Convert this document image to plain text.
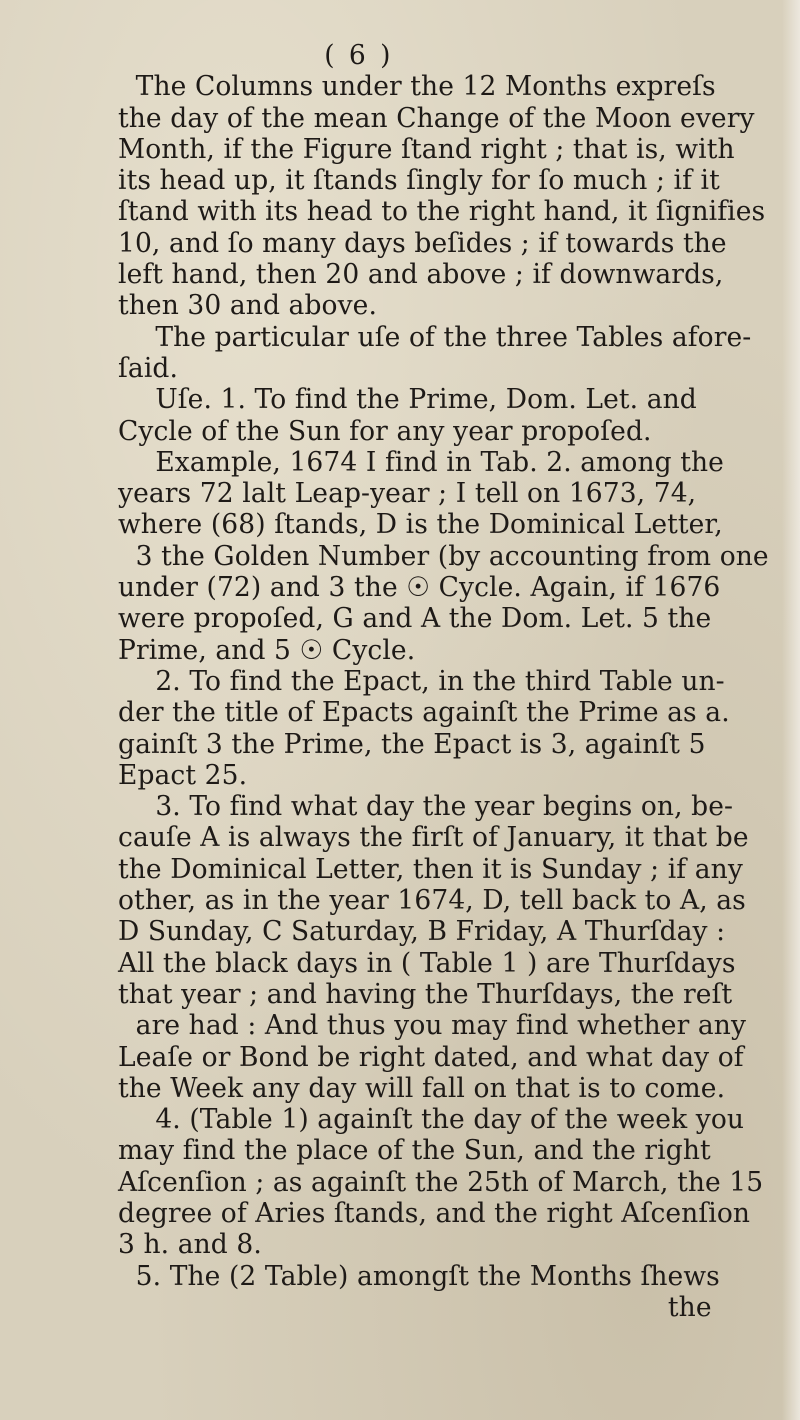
( 6 )
The Columns under the 12 Months expreſs
the day of the mean Change of the Moon every
Month, if the Figure ſtand right ; that is, with
its head up, it ſtands ſingly for ſo much ; if it
ſtand with its head to the right hand, it ſignifies
10, and ſo many days beſides ; if towards the
left hand, then 20 and above ; if downwards,
then 30 and above.
The particular uſe of the three Tables afore-
ſaid.
Uſe. 1. To find the Prime, Dom. Let. and
Cycle of the Sun for any year propoſed.
Example, 1674 I find in Tab. 2. among the
years 72 lalt Leap-year ; I tell on 1673, 74,
where (68) ſtands, D is the Dominical Letter,
3 the Golden Number (by accounting from one
under (72) and 3 the ☉ Cycle. Again, if 1676
were propoſed, G and A the Dom. Let. 5 the
Prime, and 5 ☉ Cycle.
2. To find the Epact, in the third Table un-
der the title of Epacts againſt the Prime as a.
gainſt 3 the Prime, the Epact is 3, againſt 5
Epact 25.
3. To find what day the year begins on, be-
cauſe A is always the firſt of January, it that be
the Dominical Letter, then it is Sunday ; if any
other, as in the year 1674, D, tell back to A, as
D Sunday, C Saturday, B Friday, A Thurſday :
All the black days in ( Table 1 ) are Thurſdays
that year ; and having the Thurſdays, the reſt
are had : And thus you may find whether any
Leaſe or Bond be right dated, and what day of
the Week any day will fall on that is to come.
4. (Table 1) againſt the day of the week you
may find the place of the Sun, and the right
Aſcenſion ; as againſt the 25th of March, the 15
degree of Aries ſtands, and the right Aſcenſion
3 h. and 8.
5. The (2 Table) amongſt the Months ſhews
the
